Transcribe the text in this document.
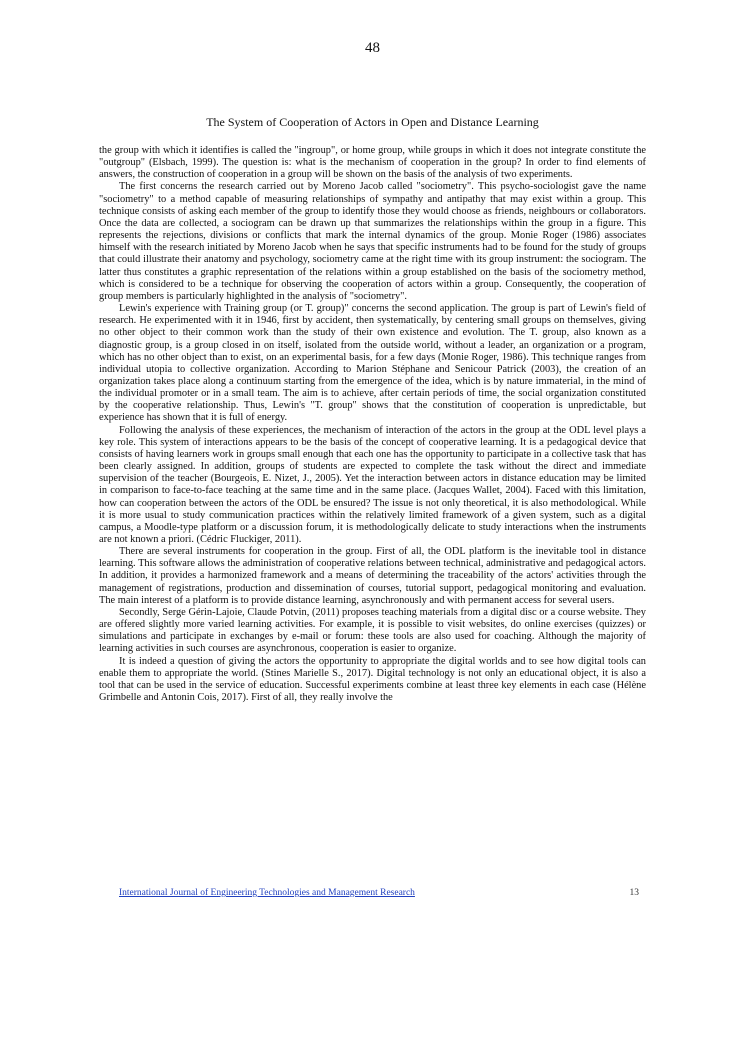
48
The System of Cooperation of Actors in Open and Distance Learning

the group with which it identifies is called the "ingroup", or home group, while groups in which it does not integrate constitute the "outgroup" (Elsbach, 1999). The question is: what is the mechanism of cooperation in the group? In order to find elements of answers, the construction of cooperation in a group will be shown on the basis of the analysis of two experiments.

The first concerns the research carried out by Moreno Jacob called "sociometry". This psycho-sociologist gave the name "sociometry" to a method capable of measuring relationships of sympathy and antipathy that may exist within a group. This technique consists of asking each member of the group to identify those they would choose as friends, neighbours or collaborators. Once the data are collected, a sociogram can be drawn up that summarizes the relationships within the group in a figure. This represents the rejections, divisions or conflicts that mark the internal dynamics of the group. Monie Roger (1986) associates himself with the research initiated by Moreno Jacob when he says that specific instruments had to be found for the study of groups that could illustrate their anatomy and psychology, sociometry came at the right time with its group instrument: the sociogram. The latter thus constitutes a graphic representation of the relations within a group established on the basis of the sociometry method, which is considered to be a technique for observing the cooperation of actors within a group. Consequently, the cooperation of group members is particularly highlighted in the analysis of "sociometry".

Lewin's experience with Training group (or T. group)" concerns the second application. The group is part of Lewin's field of research. He experimented with it in 1946, first by accident, then systematically, by centering small groups on themselves, giving no other object to their common work than the study of their own existence and evolution. The T. group, also known as a diagnostic group, is a group closed in on itself, isolated from the outside world, without a leader, an organization or a program, which has no other object than to exist, on an experimental basis, for a few days (Monie Roger, 1986). This technique ranges from individual utopia to collective organization. According to Marion Stéphane and Senicour Patrick (2003), the creation of an organization takes place along a continuum starting from the emergence of the idea, which is by nature immaterial, in the mind of the individual promoter or in a small team. The aim is to achieve, after certain periods of time, the social organization constituted by the cooperative relationship. Thus, Lewin's "T. group" shows that the constitution of cooperation is unpredictable, but experience has shown that it is full of energy.

Following the analysis of these experiences, the mechanism of interaction of the actors in the group at the ODL level plays a key role. This system of interactions appears to be the basis of the concept of cooperative learning. It is a pedagogical device that consists of having learners work in groups small enough that each one has the opportunity to participate in a collective task that has been clearly assigned. In addition, groups of students are expected to complete the task without the direct and immediate supervision of the teacher (Bourgeois, E. Nizet, J., 2005). Yet the interaction between actors in distance education may be limited in comparison to face-to-face teaching at the same time and in the same place. (Jacques Wallet, 2004). Faced with this limitation, how can cooperation between the actors of the ODL be ensured? The issue is not only theoretical, it is also methodological. While it is more usual to study communication practices within the relatively limited framework of a given system, such as a digital campus, a Moodle-type platform or a discussion forum, it is methodologically delicate to study interactions when the instruments are not known a priori. (Cédric Fluckiger, 2011).

There are several instruments for cooperation in the group. First of all, the ODL platform is the inevitable tool in distance learning. This software allows the administration of cooperative relations between technical, administrative and pedagogical actors. In addition, it provides a harmonized framework and a means of determining the traceability of the actors' activities through the management of registrations, production and dissemination of courses, tutorial support, pedagogical monitoring and evaluation. The main interest of a platform is to provide distance learning, asynchronously and with permanent access for several users.

Secondly, Serge Gérin-Lajoie, Claude Potvin, (2011) proposes teaching materials from a digital disc or a course website. They are offered slightly more varied learning activities. For example, it is possible to visit websites, do online exercises (quizzes) or simulations and participate in exchanges by e-mail or forum: these tools are also used for coaching. Although the majority of learning activities in such courses are asynchronous, cooperation is easier to organize.

It is indeed a question of giving the actors the opportunity to appropriate the digital worlds and to see how digital tools can enable them to appropriate the world. (Stines Marielle S., 2017). Digital technology is not only an educational object, it is also a tool that can be used in the service of education. Successful experiments combine at least three key elements in each case (Hélène Grimbelle and Antonin Cois, 2017). First of all, they really involve the

International Journal of Engineering Technologies and Management Research	13
